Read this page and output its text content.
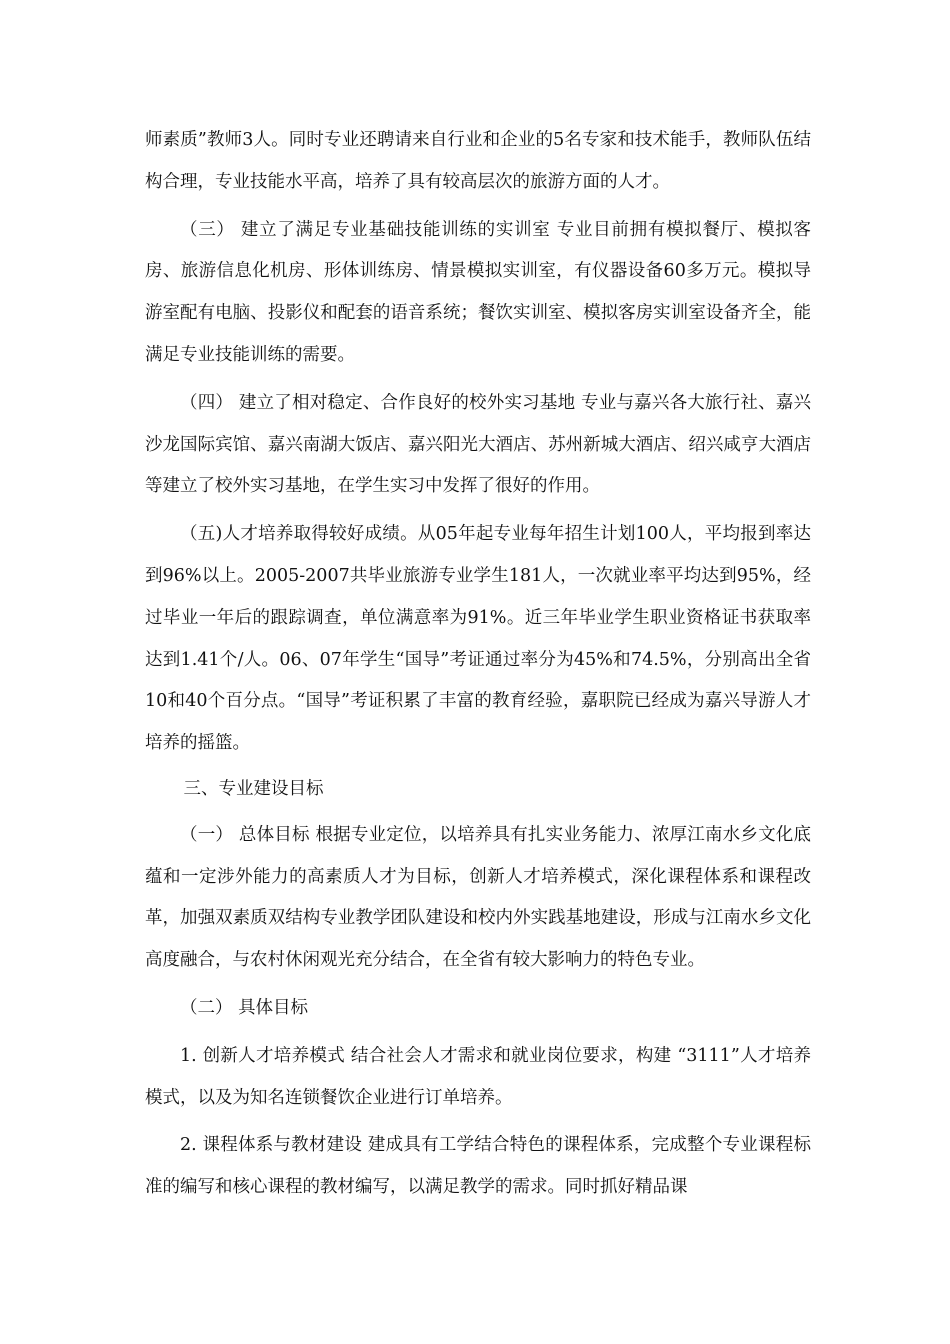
师素质”教师3人。同时专业还聘请来自行业和企业的5名专家和技术能手，教师队伍结构合理，专业技能水平高，培养了具有较高层次的旅游方面的人才。

（三） 建立了满足专业基础技能训练的实训室 专业目前拥有模拟餐厅、模拟客房、旅游信息化机房、形体训练房、情景模拟实训室，有仪器设备60多万元。模拟导游室配有电脑、投影仪和配套的语音系统；餐饮实训室、模拟客房实训室设备齐全，能满足专业技能训练的需要。

（四） 建立了相对稳定、合作良好的校外实习基地 专业与嘉兴各大旅行社、嘉兴沙龙国际宾馆、嘉兴南湖大饭店、嘉兴阳光大酒店、苏州新城大酒店、绍兴咸亨大酒店等建立了校外实习基地，在学生实习中发挥了很好的作用。

（五)人才培养取得较好成绩。从05年起专业每年招生计划100人，平均报到率达到96%以上。2005-2007共毕业旅游专业学生181人，一次就业率平均达到95%，经过毕业一年后的跟踪调查，单位满意率为91%。近三年毕业学生职业资格证书获取率达到1.41个/人。06、07年学生“国导”考证通过率分为45%和74.5%，分别高出全省10和40个百分点。“国导”考证积累了丰富的教育经验，嘉职院已经成为嘉兴导游人才培养的摇篮。

三、专业建设目标

（一） 总体目标 根据专业定位，以培养具有扎实业务能力、浓厚江南水乡文化底蕴和一定涉外能力的高素质人才为目标，创新人才培养模式，深化课程体系和课程改革，加强双素质双结构专业教学团队建设和校内外实践基地建设，形成与江南水乡文化高度融合，与农村休闲观光充分结合，在全省有较大影响力的特色专业。

（二） 具体目标

1. 创新人才培养模式 结合社会人才需求和就业岗位要求，构建 “3111”人才培养模式，以及为知名连锁餐饮企业进行订单培养。

2. 课程体系与教材建设 建成具有工学结合特色的课程体系，完成整个专业课程标准的编写和核心课程的教材编写，以满足教学的需求。同时抓好精品课
